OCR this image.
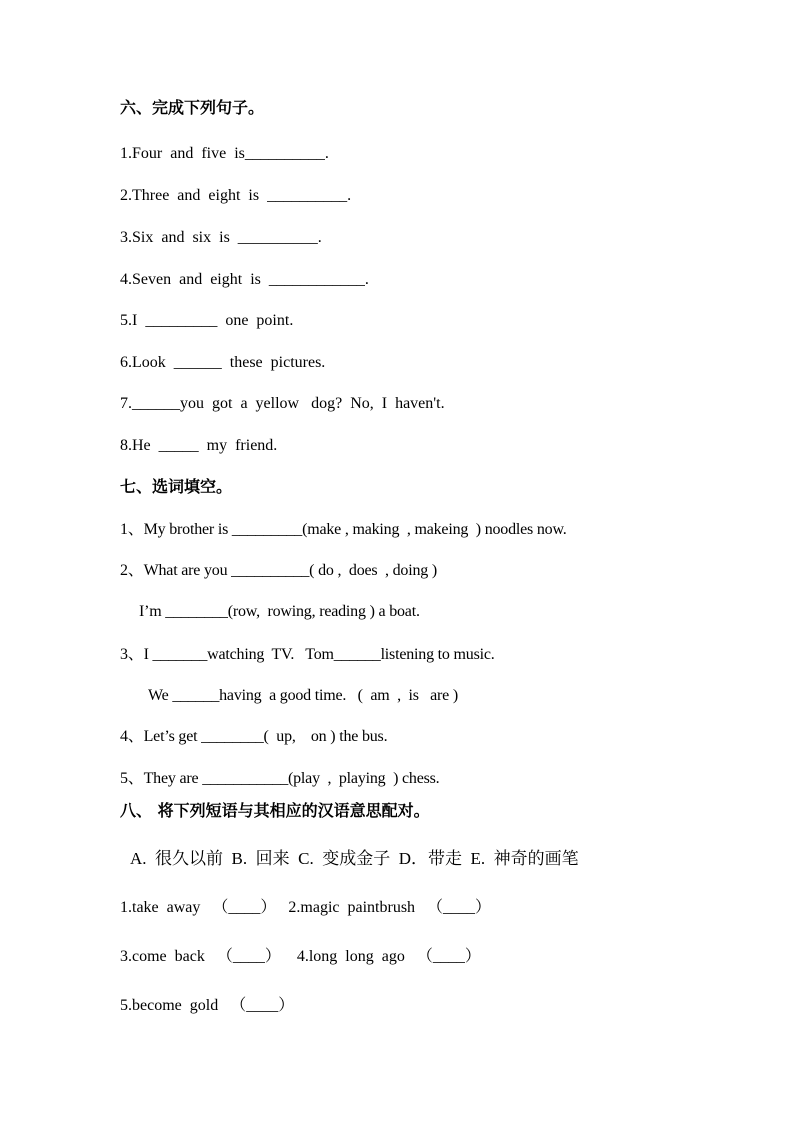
六、完成下列句子。
1.Four  and  five  is__________.
2.Three  and  eight  is  __________.
3.Six  and  six  is  __________.
4.Seven  and  eight  is  ____________.
5.I  _________  one  point.
6.Look  ______  these  pictures.
7.______you  got  a  yellow   dog?  No,  I  haven't.
8.He  _____  my  friend.
七、选词填空。
1、My brother is _________(make , making  , makeing  ) noodles now.
2、What are you __________( do ,  does  , doing )
I’m ________(row,  rowing, reading ) a boat.
3、I _______watching  TV.   Tom______listening to music.
We ______having  a good time.   (  am  ,  is   are )
4、Let’s get ________(  up,    on ) the bus.
5、They are ___________(play  ,  playing  ) chess.
八、 将下列短语与其相应的汉语意思配对。
A.  很久以前  B.  回来  C.  变成金子  D．带走  E.  神奇的画笔
1.take  away   （____）   2.magic  paintbrush   （____）
3.come  back   （____）    4.long  long  ago   （____）
5.become  gold   （____）
